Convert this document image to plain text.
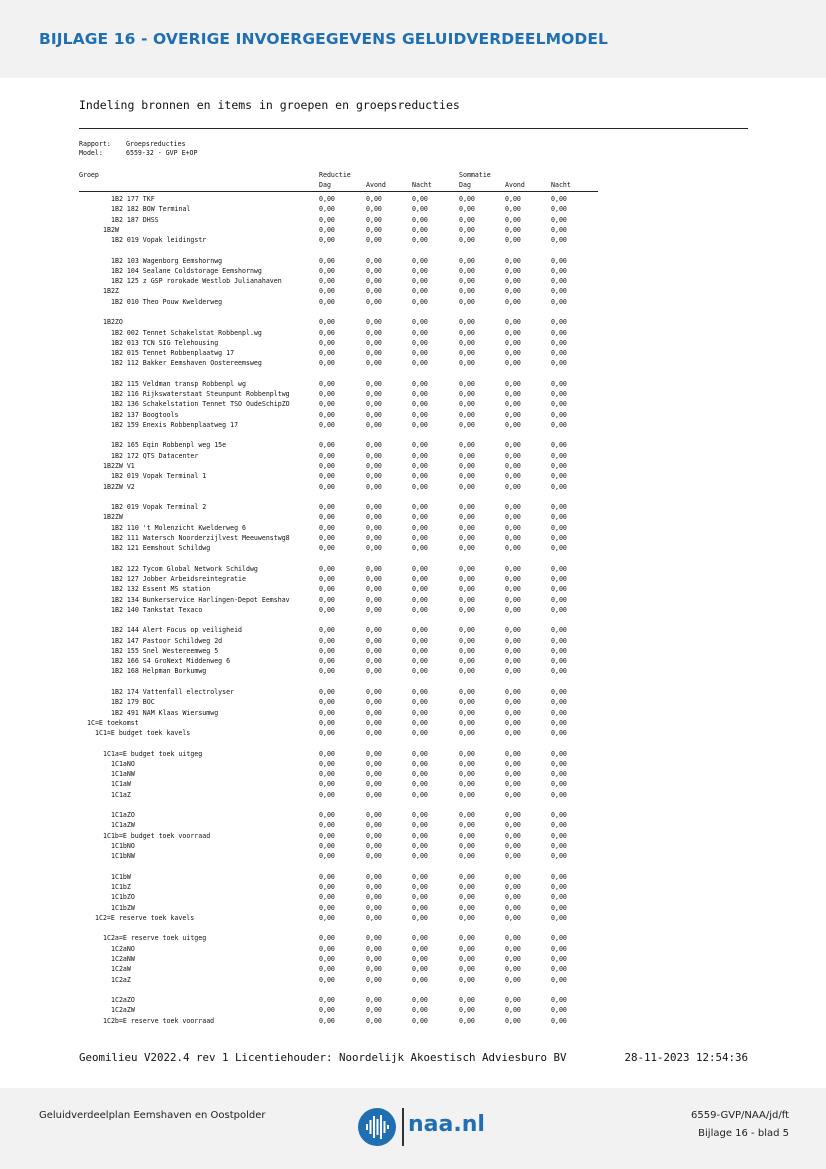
BIJLAGE 16 - OVERIGE INVOERGEGEVENS GELUIDVERDEELMODEL
Indeling bronnen en items in groepen en groepsreducties
Rapport: Groepsreducties
Model:	6559-32 - GVP E+OP
Groep	Reductie	Sommatie
Dag	Avond	Nacht	Dag	Avond	Nacht
1B2 177 TKF	0,00	0,00	0,00	0,00	0,00	0,00
1B2 182 BOW Terminal	0,00	0,00	0,00	0,00	0,00	0,00
1B2 187 DHSS	0,00	0,00	0,00	0,00	0,00	0,00
1B2W	0,00	0,00	0,00	0,00	0,00	0,00
1B2 019 Vopak leidingstr	0,00	0,00	0,00	0,00	0,00	0,00
1B2 103 Wagenborg Eemshornwg	0,00	0,00	0,00	0,00	0,00	0,00
1B2 104 Sealane Coldstorage Eemshornwg	0,00	0,00	0,00	0,00	0,00	0,00
1B2 125 z GSP rorokade Westlob Julianahaven	0,00	0,00	0,00	0,00	0,00	0,00
1B2Z	0,00	0,00	0,00	0,00	0,00	0,00
1B2 010 Theo Pouw Kwelderweg	0,00	0,00	0,00	0,00	0,00	0,00
1B2ZO	0,00	0,00	0,00	0,00	0,00	0,00
1B2 002 Tennet Schakelstat Robbenpl.wg	0,00	0,00	0,00	0,00	0,00	0,00
1B2 013 TCN SIG Telehousing	0,00	0,00	0,00	0,00	0,00	0,00
1B2 015 Tennet Robbenplaatwg 17	0,00	0,00	0,00	0,00	0,00	0,00
1B2 112 Bakker Eemshaven Oostereemsweg	0,00	0,00	0,00	0,00	0,00	0,00
1B2 115 Veldman transp Robbenpl wg	0,00	0,00	0,00	0,00	0,00	0,00
1B2 116 Rijkswaterstaat Steunpunt Robbenpltwg	0,00	0,00	0,00	0,00	0,00	0,00
1B2 136 Schakelstation Tennet TSO OudeSchipZO	0,00	0,00	0,00	0,00	0,00	0,00
1B2 137 Boogtools	0,00	0,00	0,00	0,00	0,00	0,00
1B2 159 Enexis Robbenplaatweg 17	0,00	0,00	0,00	0,00	0,00	0,00
1B2 165 Eqin Robbenpl weg 15e	0,00	0,00	0,00	0,00	0,00	0,00
1B2 172 QTS Datacenter	0,00	0,00	0,00	0,00	0,00	0,00
1B2ZW V1	0,00	0,00	0,00	0,00	0,00	0,00
1B2 019 Vopak Terminal 1	0,00	0,00	0,00	0,00	0,00	0,00
1B2ZW V2	0,00	0,00	0,00	0,00	0,00	0,00
1B2 019 Vopak Terminal 2	0,00	0,00	0,00	0,00	0,00	0,00
1B2ZW	0,00	0,00	0,00	0,00	0,00	0,00
1B2 110 't Molenzicht Kwelderweg 6	0,00	0,00	0,00	0,00	0,00	0,00
1B2 111 Watersch Noorderzijlvest Meeuwenstwg8	0,00	0,00	0,00	0,00	0,00	0,00
1B2 121 Eemshout Schildwg	0,00	0,00	0,00	0,00	0,00	0,00
1B2 122 Tycom Global Network Schildwg	0,00	0,00	0,00	0,00	0,00	0,00
1B2 127 Jobber Arbeidsreintegratie	0,00	0,00	0,00	0,00	0,00	0,00
1B2 132 Essent MS station	0,00	0,00	0,00	0,00	0,00	0,00
1B2 134 Bunkerservice Harlingen-Depot Eemshav	0,00	0,00	0,00	0,00	0,00	0,00
1B2 140 Tankstat Texaco	0,00	0,00	0,00	0,00	0,00	0,00
1B2 144 Alert Focus op veiligheid	0,00	0,00	0,00	0,00	0,00	0,00
1B2 147 Pastoor Schildweg 2d	0,00	0,00	0,00	0,00	0,00	0,00
1B2 155 Snel Westereemweg 5	0,00	0,00	0,00	0,00	0,00	0,00
1B2 166 S4 GroNext Middenweg 6	0,00	0,00	0,00	0,00	0,00	0,00
1B2 168 Helpman Borkumwg	0,00	0,00	0,00	0,00	0,00	0,00
1B2 174 Vattenfall electrolyser	0,00	0,00	0,00	0,00	0,00	0,00
1B2 179 BOC	0,00	0,00	0,00	0,00	0,00	0,00
1B2 491 NAM Klaas Wiersumwg	0,00	0,00	0,00	0,00	0,00	0,00
1C=E toekomst	0,00	0,00	0,00	0,00	0,00	0,00
1C1=E budget toek kavels	0,00	0,00	0,00	0,00	0,00	0,00
1C1a=E budget toek uitgeg	0,00	0,00	0,00	0,00	0,00	0,00
1C1aNO	0,00	0,00	0,00	0,00	0,00	0,00
1C1aNW	0,00	0,00	0,00	0,00	0,00	0,00
1C1aW	0,00	0,00	0,00	0,00	0,00	0,00
1C1aZ	0,00	0,00	0,00	0,00	0,00	0,00
1C1aZO	0,00	0,00	0,00	0,00	0,00	0,00
1C1aZW	0,00	0,00	0,00	0,00	0,00	0,00
1C1b=E budget toek voorraad	0,00	0,00	0,00	0,00	0,00	0,00
1C1bNO	0,00	0,00	0,00	0,00	0,00	0,00
1C1bNW	0,00	0,00	0,00	0,00	0,00	0,00
1C1bW	0,00	0,00	0,00	0,00	0,00	0,00
1C1bZ	0,00	0,00	0,00	0,00	0,00	0,00
1C1bZO	0,00	0,00	0,00	0,00	0,00	0,00
1C1bZW	0,00	0,00	0,00	0,00	0,00	0,00
1C2=E reserve toek kavels	0,00	0,00	0,00	0,00	0,00	0,00
1C2a=E reserve toek uitgeg	0,00	0,00	0,00	0,00	0,00	0,00
1C2aNO	0,00	0,00	0,00	0,00	0,00	0,00
1C2aNW	0,00	0,00	0,00	0,00	0,00	0,00
1C2aW	0,00	0,00	0,00	0,00	0,00	0,00
1C2aZ	0,00	0,00	0,00	0,00	0,00	0,00
1C2aZO	0,00	0,00	0,00	0,00	0,00	0,00
1C2aZW	0,00	0,00	0,00	0,00	0,00	0,00
1C2b=E reserve toek voorraad	0,00	0,00	0,00	0,00	0,00	0,00
Geomilieu V2022.4 rev 1 Licentiehouder: Noordelijk Akoestisch Adviesburo BV	28-11-2023 12:54:36
Geluidverdeelplan Eemshaven en Oostpolder	naa.nl	6559-GVP/NAA/jd/ft
Bijlage 16 - blad 5
